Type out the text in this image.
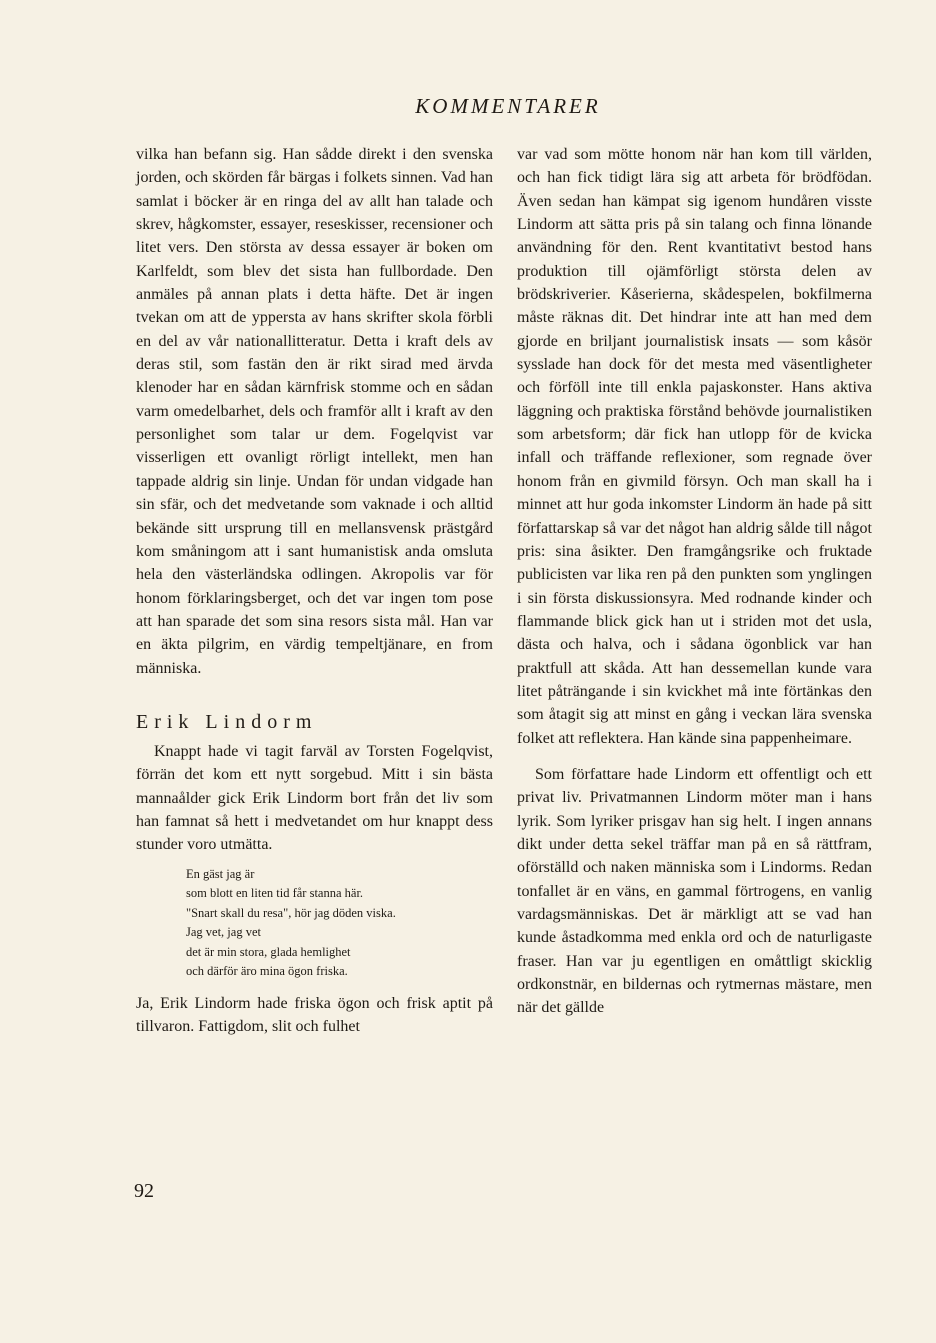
KOMMENTARER

vilka han befann sig. Han sådde direkt i den svenska jorden, och skörden får bärgas i folkets sinnen. Vad han samlat i böcker är en ringa del av allt han talade och skrev, hågkomster, essayer, reseskisser, recensioner och litet vers. Den största av dessa essayer är boken om Karlfeldt, som blev det sista han fullbordade. Den anmäles på annan plats i detta häfte. Det är ingen tvekan om att de yppersta av hans skrifter skola förbli en del av vår nationallitteratur. Detta i kraft dels av deras stil, som fastän den är rikt sirad med ärvda klenoder har en sådan kärnfrisk stomme och en sådan varm omedelbarhet, dels och framför allt i kraft av den personlighet som talar ur dem. Fogelqvist var visserligen ett ovanligt rörligt intellekt, men han tappade aldrig sin linje. Undan för undan vidgade han sin sfär, och det medvetande som vaknade i och alltid bekände sitt ursprung till en mellansvensk prästgård kom småningom att i sant humanistisk anda omsluta hela den västerländska odlingen. Akropolis var för honom förklaringsberget, och det var ingen tom pose att han sparade det som sina resors sista mål. Han var en äkta pilgrim, en värdig tempeltjänare, en from människa.

Erik Lindorm

Knappt hade vi tagit farväl av Torsten Fogelqvist, förrän det kom ett nytt sorgebud. Mitt i sin bästa mannaålder gick Erik Lindorm bort från det liv som han famnat så hett i medvetandet om hur knappt dess stunder voro utmätta.

En gäst jag är
som blott en liten tid får stanna här.
"Snart skall du resa", hör jag döden viska.
Jag vet, jag vet
det är min stora, glada hemlighet
och därför äro mina ögon friska.

Ja, Erik Lindorm hade friska ögon och frisk aptit på tillvaron. Fattigdom, slit och fulhet

var vad som mötte honom när han kom till världen, och han fick tidigt lära sig att arbeta för brödfödan. Även sedan han kämpat sig igenom hundåren visste Lindorm att sätta pris på sin talang och finna lönande användning för den. Rent kvantitativt bestod hans produktion till ojämförligt största delen av brödskriverier. Kåserierna, skådespelen, bokfilmerna måste räknas dit. Det hindrar inte att han med dem gjorde en briljant journalistisk insats — som kåsör sysslade han dock för det mesta med väsentligheter och förföll inte till enkla pajaskonster. Hans aktiva läggning och praktiska förstånd behövde journalistiken som arbetsform; där fick han utlopp för de kvicka infall och träffande reflexioner, som regnade över honom från en givmild försyn. Och man skall ha i minnet att hur goda inkomster Lindorm än hade på sitt författarskap så var det något han aldrig sålde till något pris: sina åsikter. Den framgångsrike och fruktade publicisten var lika ren på den punkten som ynglingen i sin första diskussionsyra. Med rodnande kinder och flammande blick gick han ut i striden mot det usla, dästa och halva, och i sådana ögonblick var han praktfull att skåda. Att han dessemellan kunde vara litet påträngande i sin kvickhet må inte förtänkas den som åtagit sig att minst en gång i veckan lära svenska folket att reflektera. Han kände sina pappenheimare.

Som författare hade Lindorm ett offentligt och ett privat liv. Privatmannen Lindorm möter man i hans lyrik. Som lyriker prisgav han sig helt. I ingen annans dikt under detta sekel träffar man på en så rättfram, oförställd och naken människa som i Lindorms. Redan tonfallet är en väns, en gammal förtrogens, en vanlig vardagsmänniskas. Det är märkligt att se vad han kunde åstadkomma med enkla ord och de naturligaste fraser. Han var ju egentligen en omåttligt skicklig ordkonstnär, en bildernas och rytmernas mästare, men när det gällde

92
